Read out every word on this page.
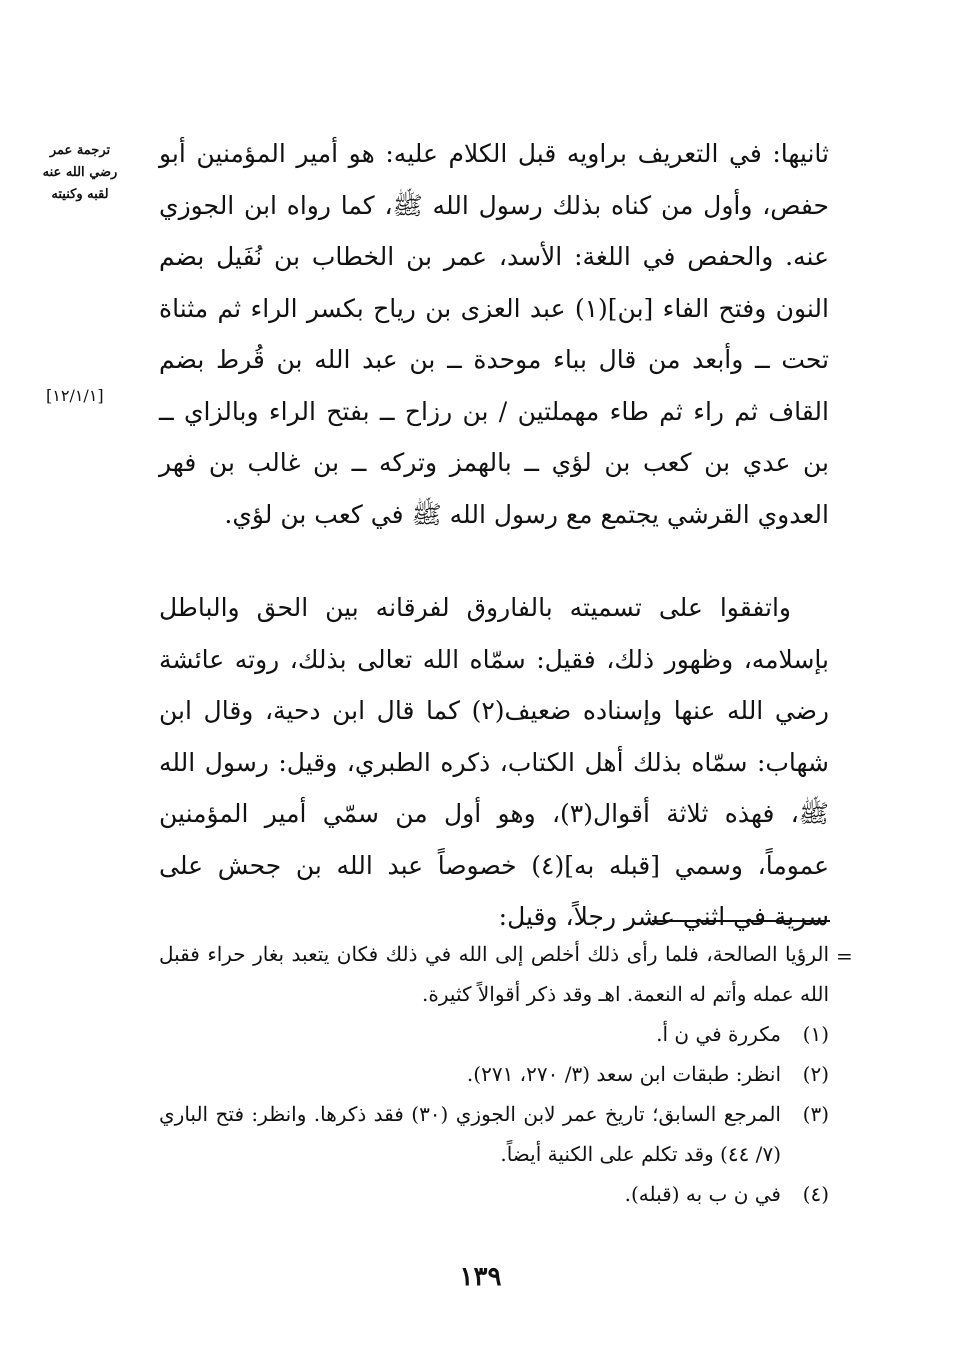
ترجمة عمر
رضي الله عنه
لقبه وكنيته
[١٢/١/١]

ثانيها: في التعريف براويه قبل الكلام عليه: هو أمير المؤمنين أبو حفص، وأول من كناه بذلك رسول الله ﷺ، كما رواه ابن الجوزي عنه. والحفص في اللغة: الأسد، عمر بن الخطاب بن نُفَيل بضم النون وفتح الفاء [بن](١) عبد العزى بن رياح بكسر الراء ثم مثناة تحت ــ وأبعد من قال بباء موحدة ــ بن عبد الله بن قُرط بضم القاف ثم راء ثم طاء مهملتين / بن رزاح ــ بفتح الراء وبالزاي ــ بن عدي بن كعب بن لؤي ــ بالهمز وتركه ــ بن غالب بن فهر العدوي القرشي يجتمع مع رسول الله ﷺ في كعب بن لؤي.

واتفقوا على تسميته بالفاروق لفرقانه بين الحق والباطل بإسلامه، وظهور ذلك، فقيل: سمّاه الله تعالى بذلك، روته عائشة رضي الله عنها وإسناده ضعيف(٢) كما قال ابن دحية، وقال ابن شهاب: سمّاه بذلك أهل الكتاب، ذكره الطبري، وقيل: رسول الله ﷺ، فهذه ثلاثة أقوال(٣)، وهو أول من سمّي أمير المؤمنين عموماً، وسمي [قبله به](٤) خصوصاً عبد الله بن جحش على سرية في اثني عشر رجلاً، وقيل:

=
الرؤيا الصالحة، فلما رأى ذلك أخلص إلى الله في ذلك فكان يتعبد بغار حراء فقبل الله عمله وأتم له النعمة. اهـ وقد ذكر أقوالاً كثيرة.
(١)
مكررة في ن أ.
(٢)
انظر: طبقات ابن سعد (٣/ ٢٧٠، ٢٧١).
(٣)
المرجع السابق؛ تاريخ عمر لابن الجوزي (٣٠) فقد ذكرها. وانظر: فتح الباري (٧/ ٤٤) وقد تكلم على الكنية أيضاً.
(٤)
في ن ب به (قبله).
١٣٩
